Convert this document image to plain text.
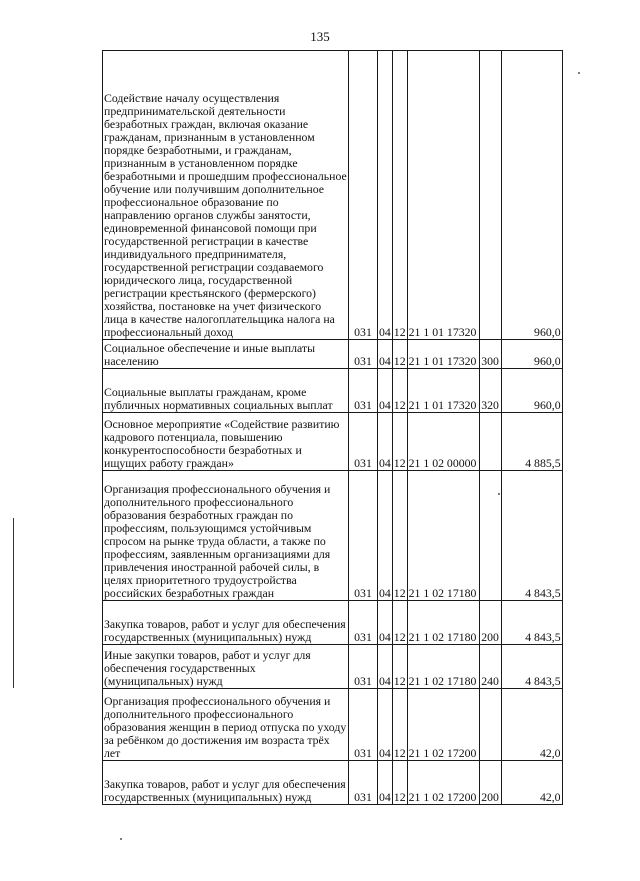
135
Содействие началу осуществления предпринимательской деятельности безработных граждан, включая оказание гражданам, признанным в установленном порядке безработными, и гражданам, признанным в установленном порядке безработными и прошедшим профессиональное обучение или получившим дополнительное профессиональное образование по направлению органов службы занятости, единовременной финансовой помощи при государственной регистрации в качестве индивидуального предпринимателя, государственной регистрации создаваемого юридического лица, государственной регистрации крестьянского (фермерского) хозяйства, постановке на учет физического лица в качестве налогоплательщика налога на профессиональный доход	031	04	12	21 1 01 17320		960,0
Социальное обеспечение и иные выплаты населению	031	04	12	21 1 01 17320	300	960,0
Социальные выплаты гражданам, кроме публичных нормативных социальных выплат	031	04	12	21 1 01 17320	320	960,0
Основное мероприятие «Содействие развитию кадрового потенциала, повышению конкурентоспособности безработных и ищущих работу граждан»	031	04	12	21 1 02 00000		4 885,5
Организация профессионального обучения и дополнительного профессионального образования безработных граждан по профессиям, пользующимся устойчивым спросом на рынке труда области, а также по профессиям, заявленным организациями для привлечения иностранной рабочей силы, в целях приоритетного трудоустройства российских безработных граждан	031	04	12	21 1 02 17180		4 843,5
Закупка товаров, работ и услуг для обеспечения государственных (муниципальных) нужд	031	04	12	21 1 02 17180	200	4 843,5
Иные закупки товаров, работ и услуг для обеспечения государственных (муниципальных) нужд	031	04	12	21 1 02 17180	240	4 843,5
Организация профессионального обучения и дополнительного профессионального образования женщин в период отпуска по уходу за ребёнком до достижения им возраста трёх лет	031	04	12	21 1 02 17200		42,0
Закупка товаров, работ и услуг для обеспечения государственных (муниципальных) нужд	031	04	12	21 1 02 17200	200	42,0
